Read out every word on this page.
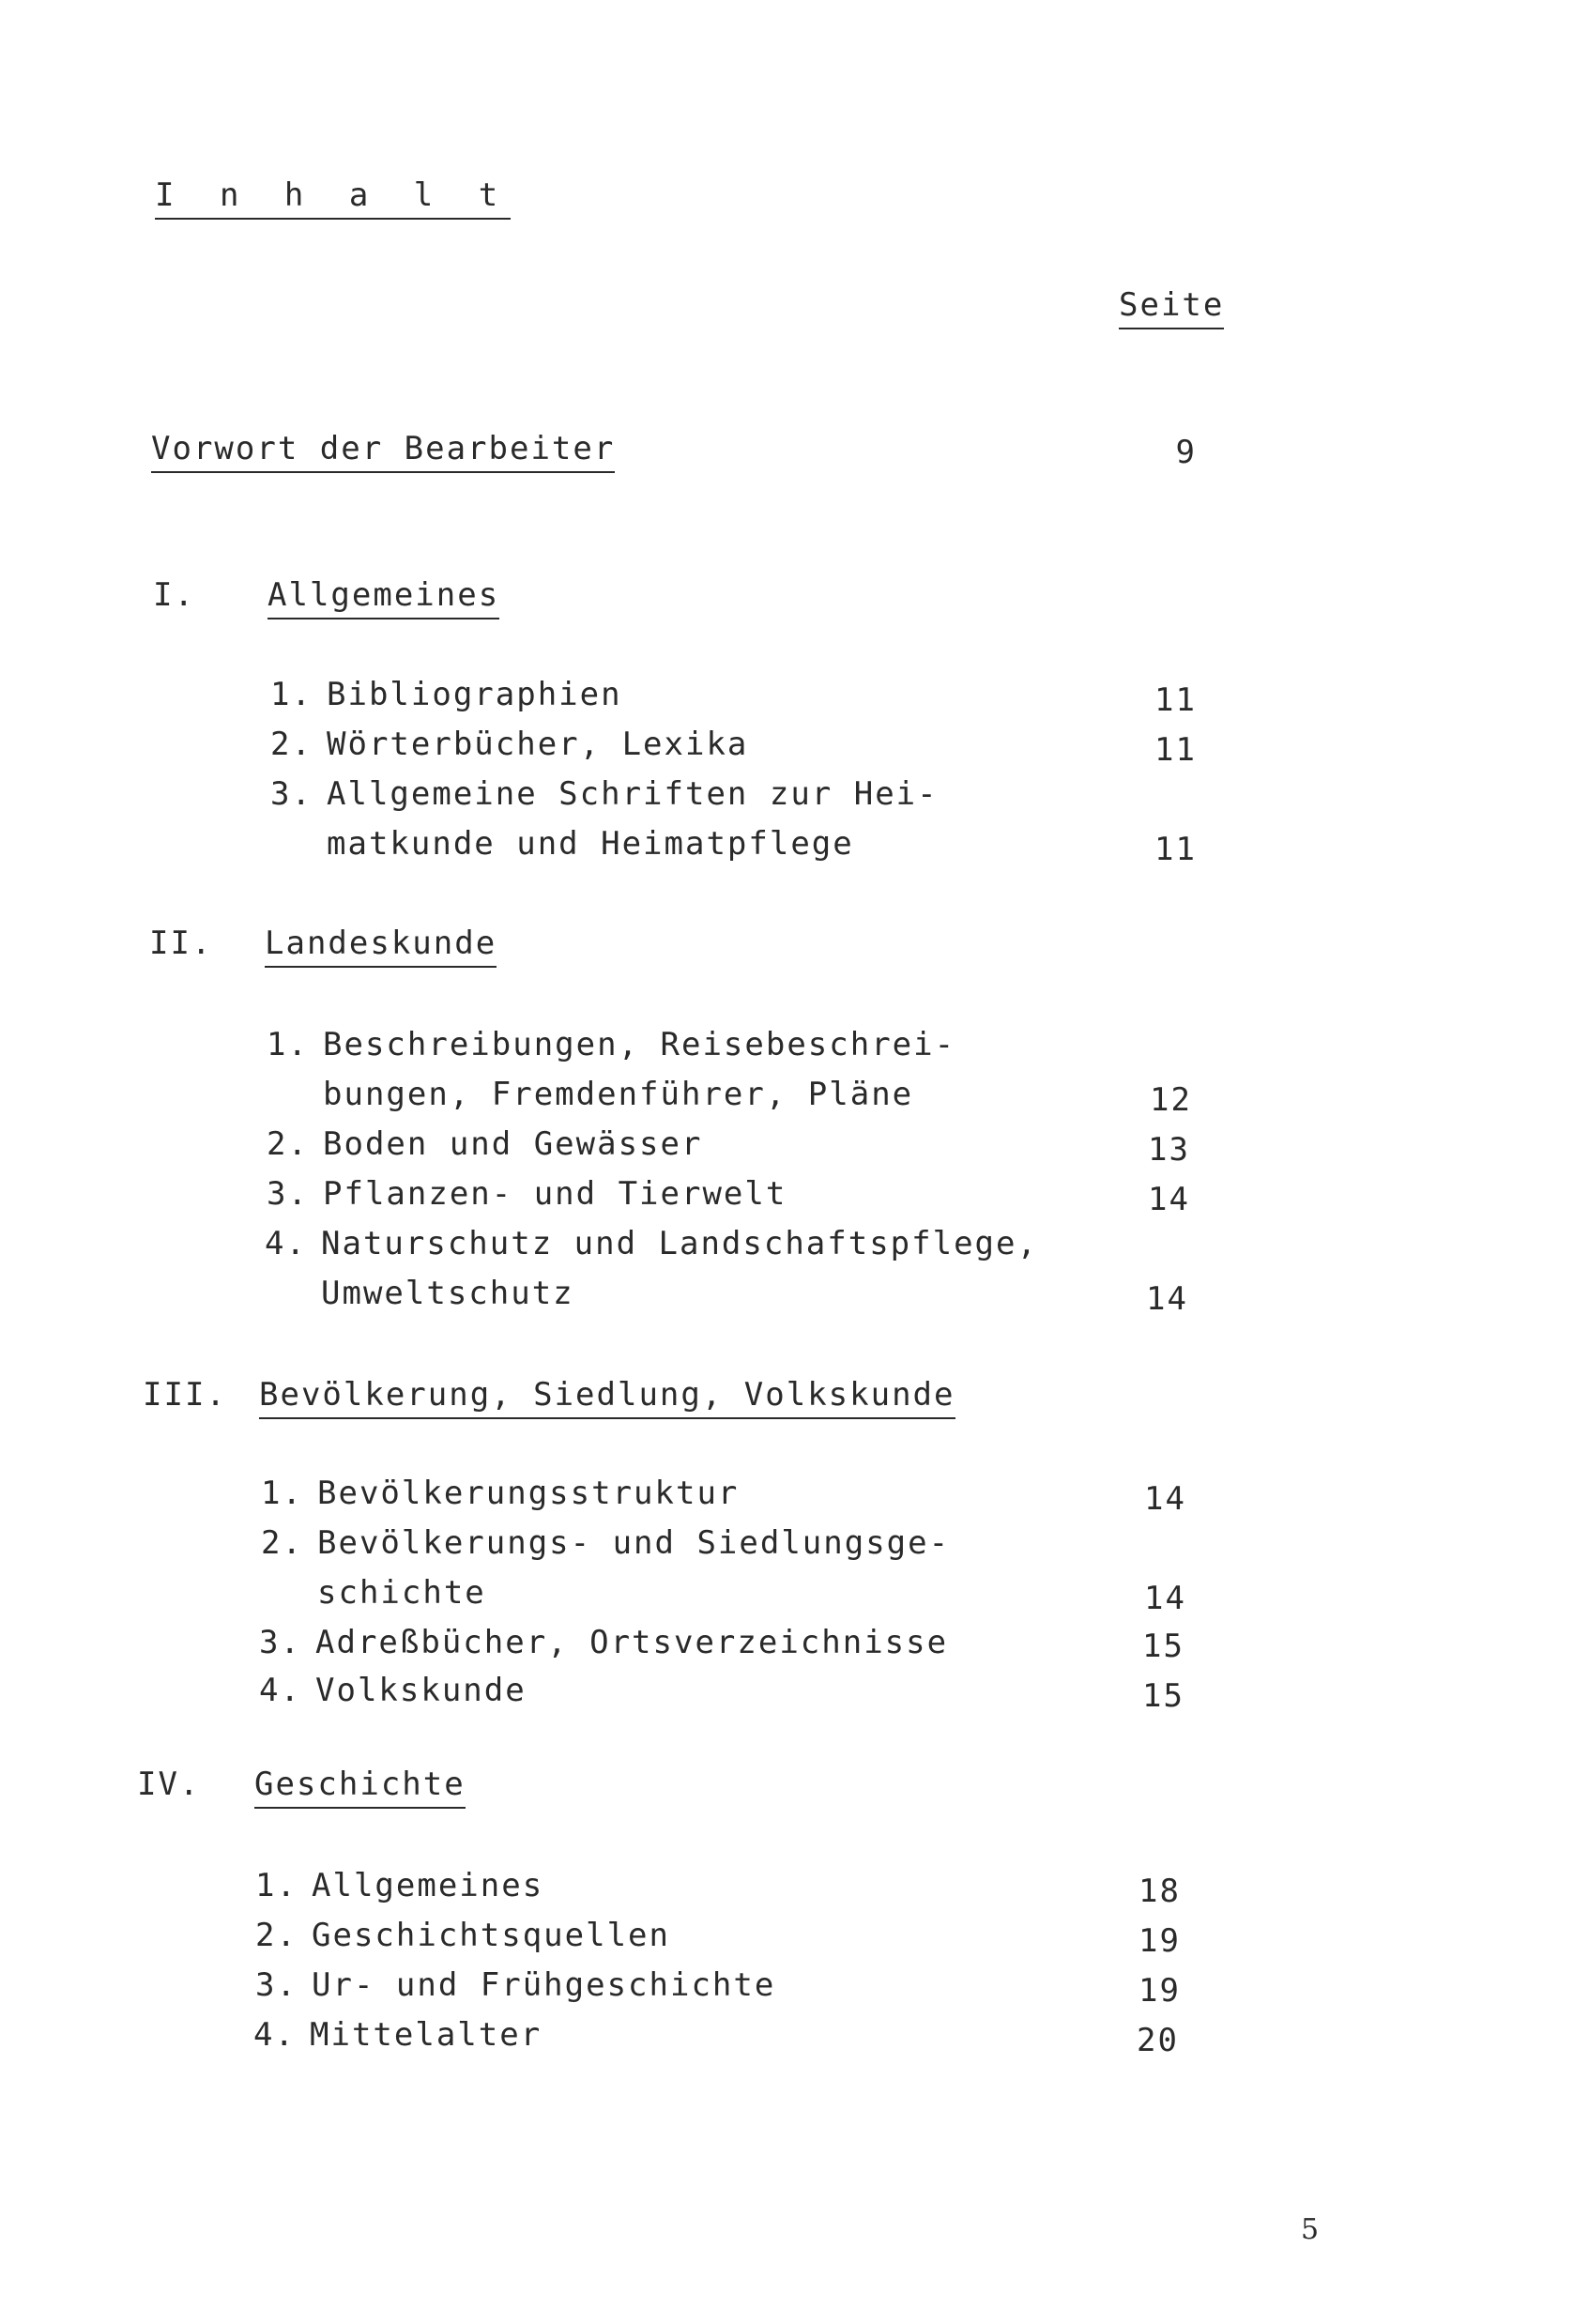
I n h a l t
Seite
Vorwort der Bearbeiter	9
I. Allgemeines
1. Bibliographien	11
2. Wörterbücher, Lexika	11
3. Allgemeine Schriften zur Hei-
matkunde und Heimatpflege	11
II. Landeskunde
1. Beschreibungen, Reisebeschrei-
bungen, Fremdenführer, Pläne	12
2. Boden und Gewässer	13
3. Pflanzen- und Tierwelt	14
4. Naturschutz und Landschaftspflege,
Umweltschutz	14
III. Bevölkerung, Siedlung, Volkskunde
1. Bevölkerungsstruktur	14
2. Bevölkerungs- und Siedlungsge-
schichte	14
3. Adreßbücher, Ortsverzeichnisse	15
4. Volkskunde	15
IV. Geschichte
1. Allgemeines	18
2. Geschichtsquellen	19
3. Ur- und Frühgeschichte	19
4. Mittelalter	20
5
